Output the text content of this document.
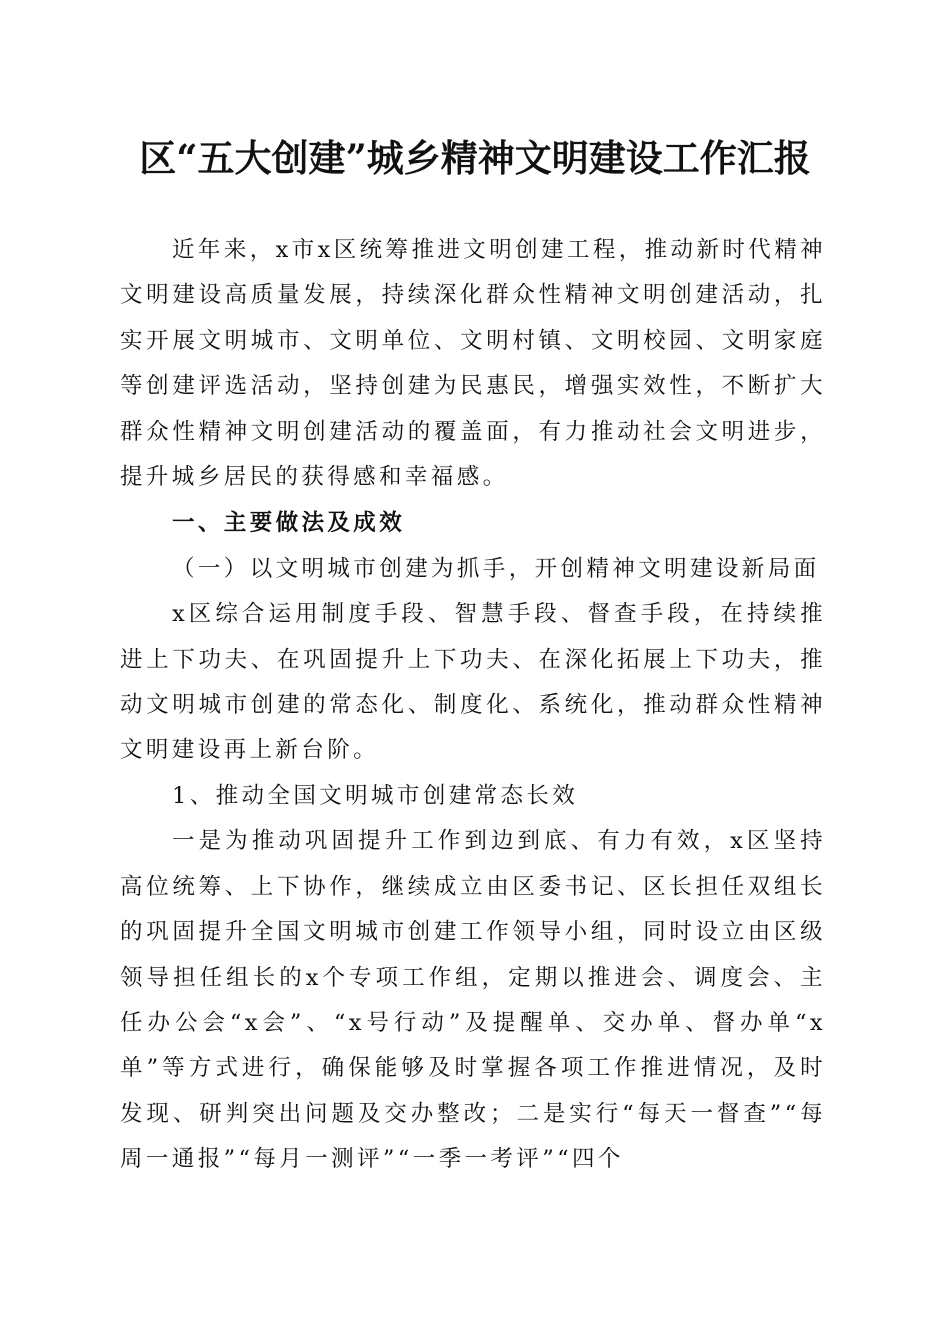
区“五大创建”城乡精神文明建设工作汇报

近年来，x市x区统筹推进文明创建工程，推动新时代精神文明建设高质量发展，持续深化群众性精神文明创建活动，扎实开展文明城市、文明单位、文明村镇、文明校园、文明家庭等创建评选活动，坚持创建为民惠民，增强实效性，不断扩大群众性精神文明创建活动的覆盖面，有力推动社会文明进步，提升城乡居民的获得感和幸福感。

一、主要做法及成效

（一）以文明城市创建为抓手，开创精神文明建设新局面

x区综合运用制度手段、智慧手段、督查手段，在持续推进上下功夫、在巩固提升上下功夫、在深化拓展上下功夫，推动文明城市创建的常态化、制度化、系统化，推动群众性精神文明建设再上新台阶。

1、推动全国文明城市创建常态长效

一是为推动巩固提升工作到边到底、有力有效，x区坚持高位统筹、上下协作，继续成立由区委书记、区长担任双组长的巩固提升全国文明城市创建工作领导小组，同时设立由区级领导担任组长的x个专项工作组，定期以推进会、调度会、主任办公会“x会”、“x号行动”及提醒单、交办单、督办单“x单”等方式进行，确保能够及时掌握各项工作推进情况，及时发现、研判突出问题及交办整改；二是实行“每天一督查”“每周一通报”“每月一测评”“一季一考评”“四个
